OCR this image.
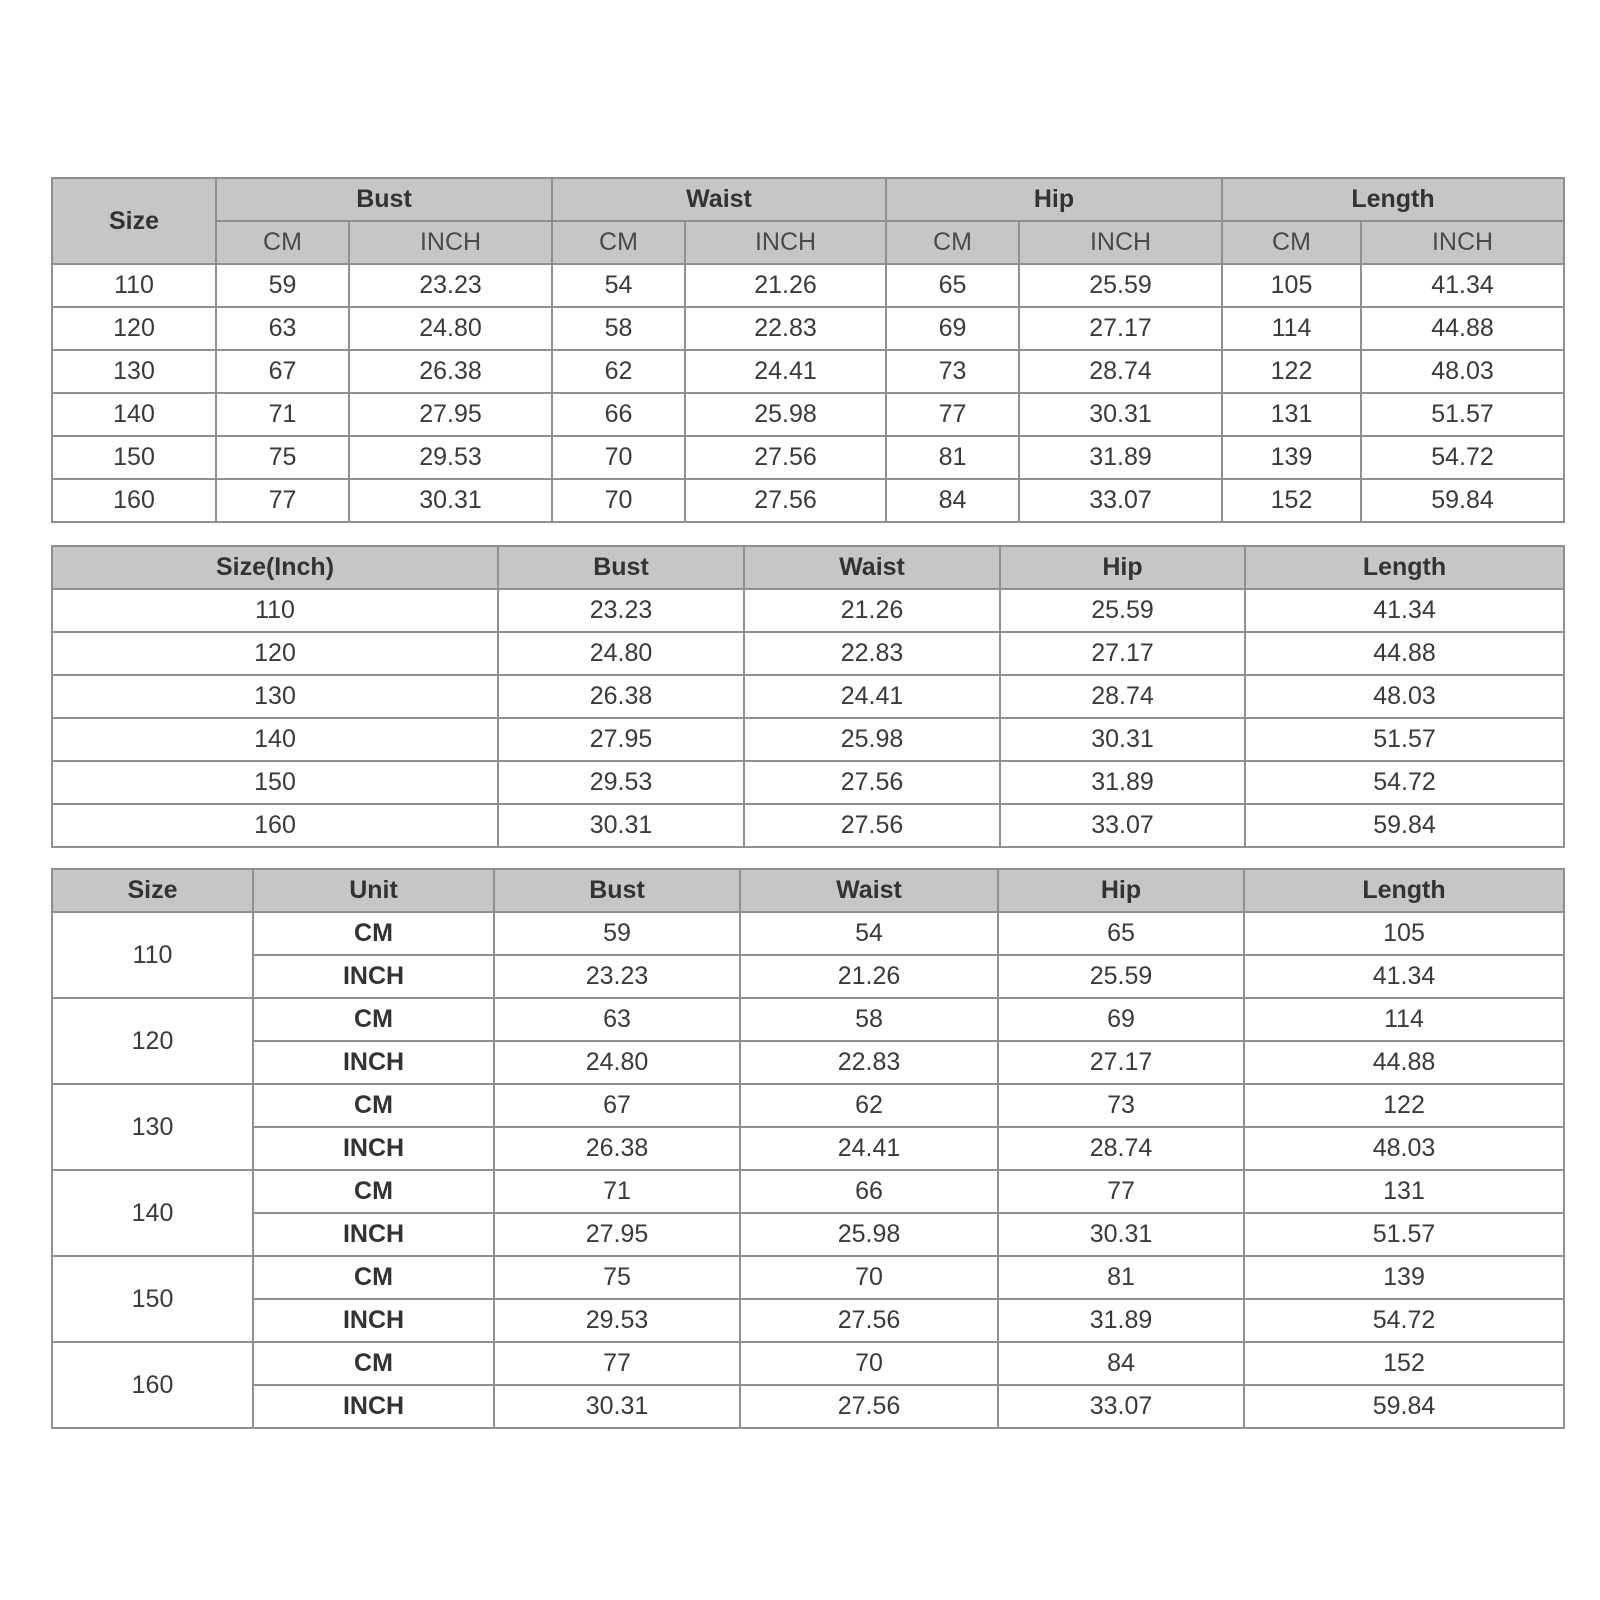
Size	Bust		Waist		Hip		Length	
	CM	INCH	CM	INCH	CM	INCH	CM	INCH
110	59	23.23	54	21.26	65	25.59	105	41.34
120	63	24.80	58	22.83	69	27.17	114	44.88
130	67	26.38	62	24.41	73	28.74	122	48.03
140	71	27.95	66	25.98	77	30.31	131	51.57
150	75	29.53	70	27.56	81	31.89	139	54.72
160	77	30.31	70	27.56	84	33.07	152	59.84
Size(Inch)	Bust	Waist	Hip	Length
110	23.23	21.26	25.59	41.34
120	24.80	22.83	27.17	44.88
130	26.38	24.41	28.74	48.03
140	27.95	25.98	30.31	51.57
150	29.53	27.56	31.89	54.72
160	30.31	27.56	33.07	59.84
Size	Unit	Bust	Waist	Hip	Length
110	CM	59	54	65	105
	INCH	23.23	21.26	25.59	41.34
120	CM	63	58	69	114
	INCH	24.80	22.83	27.17	44.88
130	CM	67	62	73	122
	INCH	26.38	24.41	28.74	48.03
140	CM	71	66	77	131
	INCH	27.95	25.98	30.31	51.57
150	CM	75	70	81	139
	INCH	29.53	27.56	31.89	54.72
160	CM	77	70	84	152
	INCH	30.31	27.56	33.07	59.84
